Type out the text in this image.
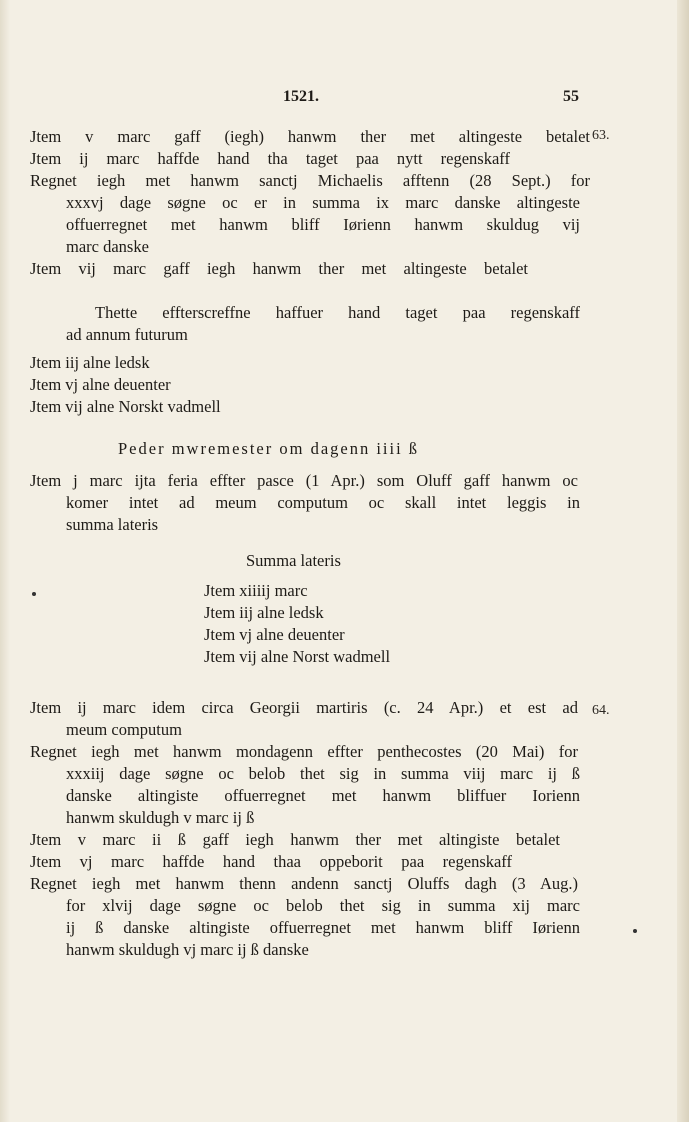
1521.	55
Jtem v marc gaff (iegh) hanwm ther met altingeste betalet 63.
Jtem ij marc haffde hand tha taget paa nytt regenskaff
Regnet iegh met hanwm sanctj Michaelis afftenn (28 Sept.) for
xxxvj dage søgne oc er in summa ix marc danske altingeste
offuerregnet met hanwm bliff Iørienn hanwm skuldug vij
marc danske
Jtem vij marc gaff iegh hanwm ther met altingeste betalet
Thette effterscreffne haffuer hand taget paa regenskaff
ad annum futurum
Jtem iij alne ledsk
Jtem vj alne deuenter
Jtem vij alne Norskt vadmell
Peder mwremester om dagenn iiii ß
Jtem j marc ijta feria effter pasce (1 Apr.) som Oluff gaff hanwm oc
komer intet ad meum computum oc skall intet leggis in
summa lateris
Summa lateris
Jtem xiiiij marc
Jtem iij alne ledsk
Jtem vj alne deuenter
Jtem vij alne Norst wadmell
Jtem ij marc idem circa Georgii martiris (c. 24 Apr.) et est ad 64.
meum computum
Regnet iegh met hanwm mondagenn effter penthecostes (20 Mai) for
xxxiij dage søgne oc belob thet sig in summa viij marc ij ß
danske altingiste offuerregnet met hanwm bliffuer Iorienn
hanwm skuldugh v marc ij ß
Jtem v marc ii ß gaff iegh hanwm ther met altingiste betalet
Jtem vj marc haffde hand thaa oppeborit paa regenskaff
Regnet iegh met hanwm thenn andenn sanctj Oluffs dagh (3 Aug.)
for xlvij dage søgne oc belob thet sig in summa xij marc
ij ß danske altingiste offuerregnet met hanwm bliff Iørienn
hanwm skuldugh vj marc ij ß danske
